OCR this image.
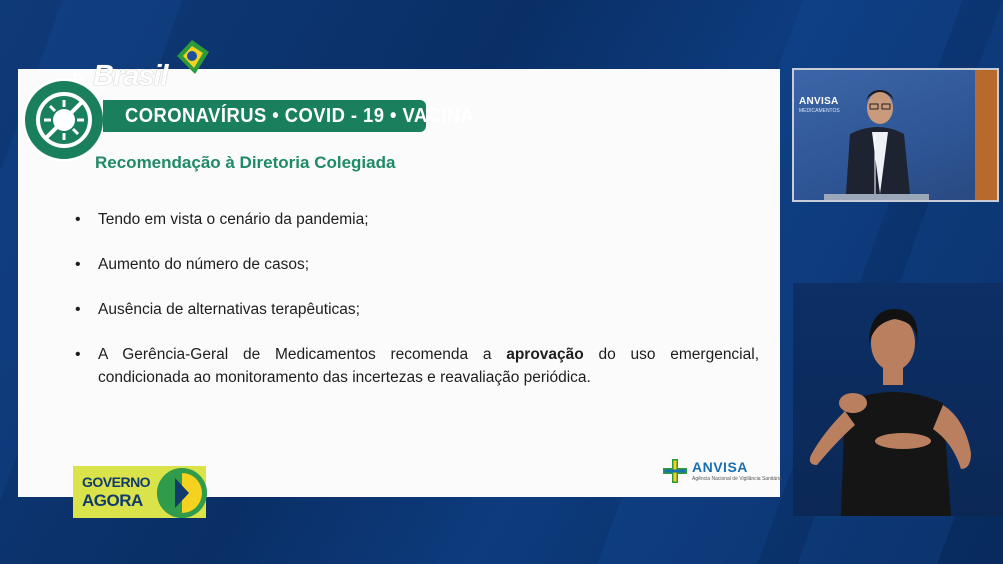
CORONAVÍRUS • COVID - 19 • VACINA
tv Brasil
Recomendação à Diretoria Colegiada
• Tendo em vista o cenário da pandemia;
• Aumento do número de casos;
• Ausência de alternativas terapêuticas;
• A Gerência-Geral de Medicamentos recomenda a aprovação do uso emergencial, condicionada ao monitoramento das incertezas e reavaliação periódica.
ANVISA
Agência Nacional de Vigilância Sanitária
GOVERNO
AGORA
ANVISA
MEDICAMENTOS
